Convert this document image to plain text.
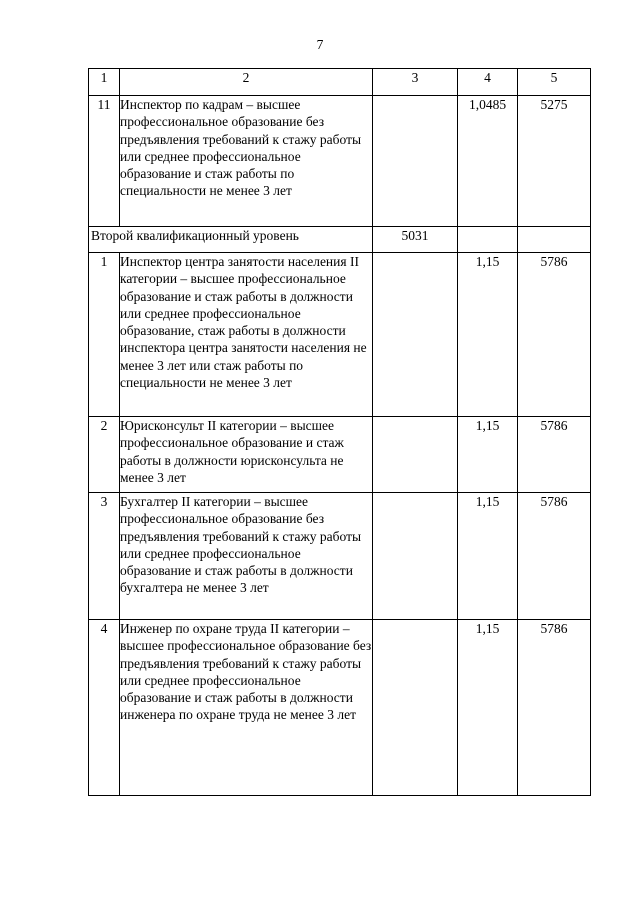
7
1	2	3	4	5
11	Инспектор по кадрам – высшее профессиональное образование без предъявления требований к стажу работы или среднее профессиональное образование и стаж работы по специальности не менее 3 лет		1,0485	5275
Второй квалификационный уровень		5031		
1	Инспектор центра занятости населения II категории – высшее профессиональное образование и стаж работы в должности или среднее профессиональное образование, стаж работы в должности инспектора центра занятости населения не менее 3 лет или стаж работы по специальности не менее 3 лет		1,15	5786
2	Юрисконсульт II категории – высшее профессиональное образование и стаж работы в должности юрисконсульта не менее 3 лет		1,15	5786
3	Бухгалтер II категории – высшее профессиональное образование без предъявления требований к стажу работы или среднее профессиональное образование и стаж работы в должности бухгалтера не менее 3 лет		1,15	5786
4	Инженер по охране труда II категории – высшее профессиональное образование без предъявления требований к стажу работы или среднее профессиональное образование и стаж работы в должности инженера по охране труда не менее 3 лет		1,15	5786
